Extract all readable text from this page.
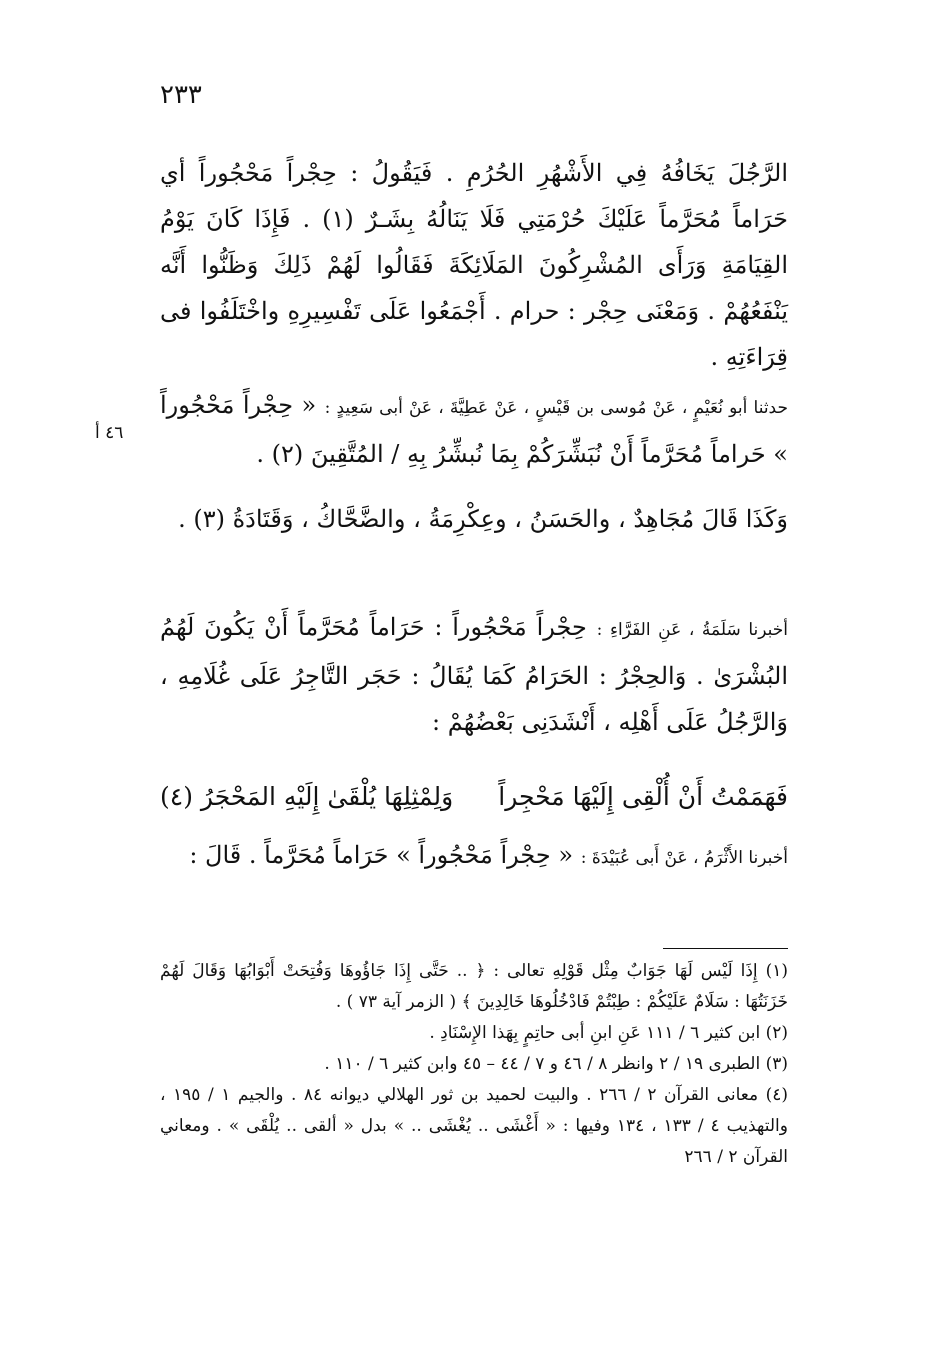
٢٣٣
الرَّجُلَ يَخَافُهُ فِي الأَشْهُرِ الحُرُمِ . فَيَقُولُ : حِجْراً مَحْجُوراً أي حَرَاماً مُحَرَّماً عَلَيْكَ حُرْمَتِي فَلَا يَنَالُهُ بِشَـرٌ (١) . فَإِذَا كَانَ يَوْمُ القِيَامَةِ وَرَأَى المُشْرِكُونَ المَلَائِكَةَ فَقَالُوا لَهُمْ ذَلِكَ وَظَنُّوا أَنَّه يَنْفَعُهُمْ . وَمَعْنَى حِجْر : حرام . أَجْمَعُوا عَلَى تَفْسِيرِهِ واخْتَلَفُوا فى قِرَاءَتِهِ .
حدثنا أبو نُعَيْمٍ ، عَنْ مُوسى بن قَيْسٍ ، عَنْ عَطِيَّةَ ، عَنْ أبى سَعِيدٍ : « حِجْراً مَحْجُوراً » حَراماً مُحَرَّماً أَنْ نُبَشِّرَكُمْ بِمَا نُبشِّرُ بِهِ / المُتَّقِينَ (٢) .
٤٦ أ
وَكَذَا قَالَ مُجَاهِدٌ ، والحَسَنُ ، وعِكْرِمَةُ ، والضَّحَّاكُ ، وَقَتَادَةُ (٣) .
أخبرنا سَلَمَةُ ، عَنِ الفَرَّاءِ : حِجْراً مَحْجُوراً : حَرَاماً مُحَرَّماً أَنْ يَكُونَ لَهُمُ البُشْرَىٰ . وَالحِجْرُ : الحَرَامُ كَمَا يُقَالُ : حَجَر التَّاجِرُ عَلَى غُلَامِهِ ، وَالرَّجُلُ عَلَى أَهْلِه ، أَنْشَدَنِى بَعْضُهُمْ :
فَهَمَمْتُ أَنْ أُلْقِى إِلَيْهَا مَحْجِراً
وَلِمْثِلِهَا يُلْقَىٰ إِلَيْهِ المَحْجَرُ (٤)
أخبرنا الأَثْرَمُ ، عَنْ أَبى عُبَيْدَةَ : « حِجْراً مَحْجُوراً » حَرَاماً مُحَرَّماً . قَالَ :

(١) إِذَا لَيْس لَهَا جَوَابٌ مِثْل قَوْلِهِ تعالى : ﴿ .. حَتَّى إِذَا جَاؤُوهَا وَفُتِحَتْ أَبْوَابُهَا وَقَالَ لَهُمْ خَزَنَتُهَا : سَلَامٌ عَلَيْكُمْ : طِبْتُمْ فَادْخُلُوهَا خَالِدِينَ ﴾ ( الزمر آية ٧٣ ) .

(٢) ابن كثير ٦ / ١١١ عَنِ ابنِ أبى حاتِمٍ بِهَذا الإِسْنَادِ .

(٣) الطبرى ١٩ / ٢ وانظر ٨ / ٤٦ و ٧ / ٤٤ – ٤٥ وابن كثير ٦ / ١١٠ .

(٤) معانى القرآن ٢ / ٢٦٦ . والبيت لحميد بن ثور الهلالي ديوانه ٨٤ . والجيم ١ / ١٩٥ ، والتهذيب ٤ / ١٣٣ ، ١٣٤ وفيها : « أَغْشَى .. يُغْشَى .. » بدل « ألقى .. يُلْقَى » . ومعاني القرآن ٢ / ٢٦٦
